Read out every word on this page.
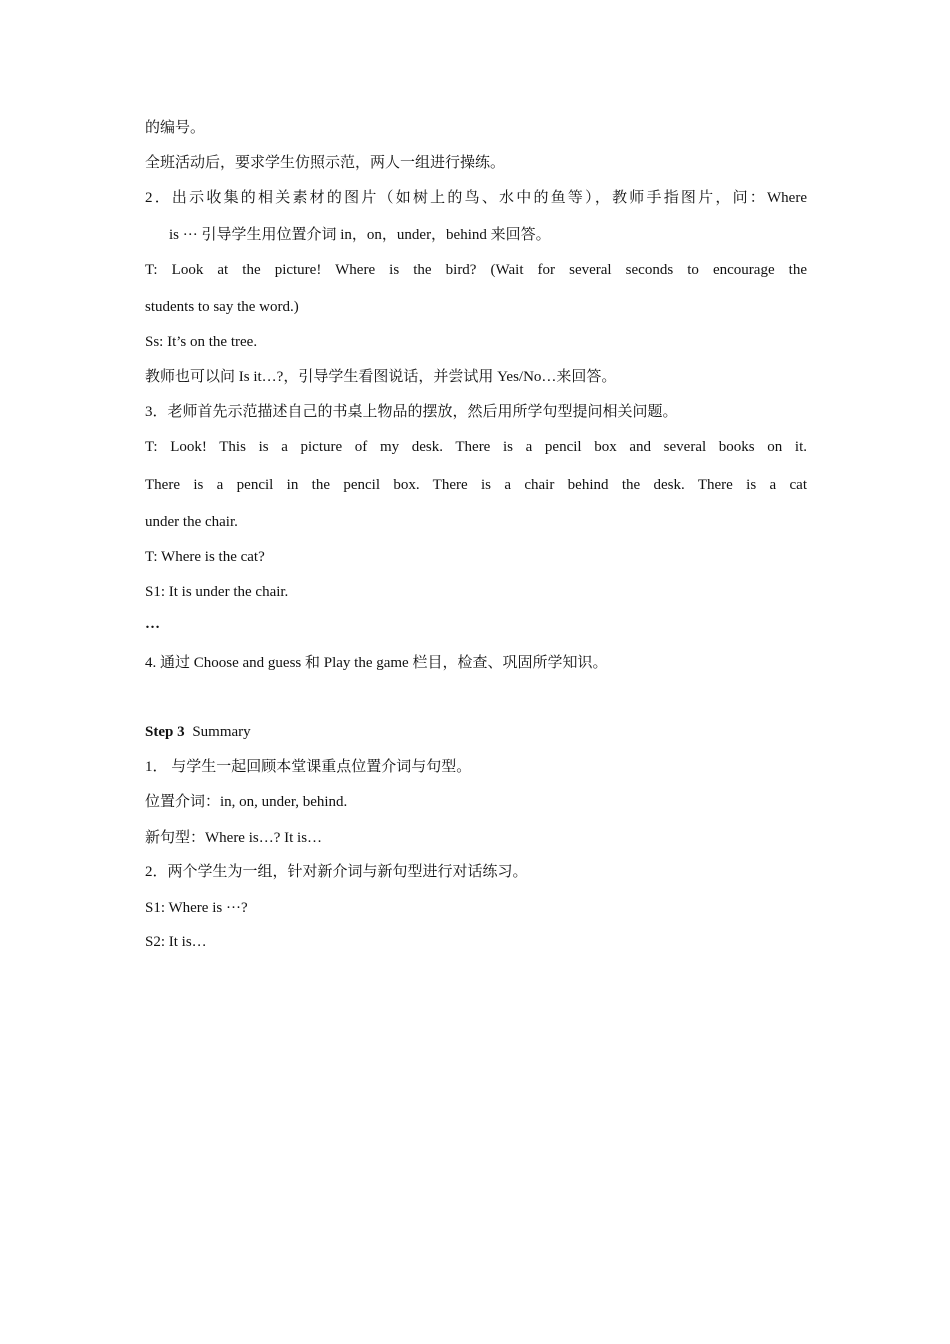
的编号。
全班活动后，要求学生仿照示范，两人一组进行操练。
2．出示收集的相关素材的图片（如树上的鸟、水中的鱼等），教师手指图片，问：Where
is ··· 引导学生用位置介词 in，on，under，behind 来回答。
T: Look at the picture! Where is the bird? (Wait for several seconds to encourage the
students to say the word.)
Ss: It’s on the tree.
教师也可以问 Is it…?，引导学生看图说话，并尝试用 Yes/No…来回答。
3．老师首先示范描述自己的书桌上物品的摆放，然后用所学句型提问相关问题。
T: Look! This is a picture of my desk. There is a pencil box and several books on it.
There is a pencil in the pencil box. There is a chair behind the desk. There is a cat
under the chair.
T: Where is the cat?
S1: It is under the chair.
…
4. 通过 Choose and guess 和 Play the game 栏目，检查、巩固所学知识。
Step 3 Summary
1． 与学生一起回顾本堂课重点位置介词与句型。
位置介词：in, on, under, behind.
新句型：Where is…? It is…
2．两个学生为一组，针对新介词与新句型进行对话练习。
S1: Where is ···?
S2: It is…
